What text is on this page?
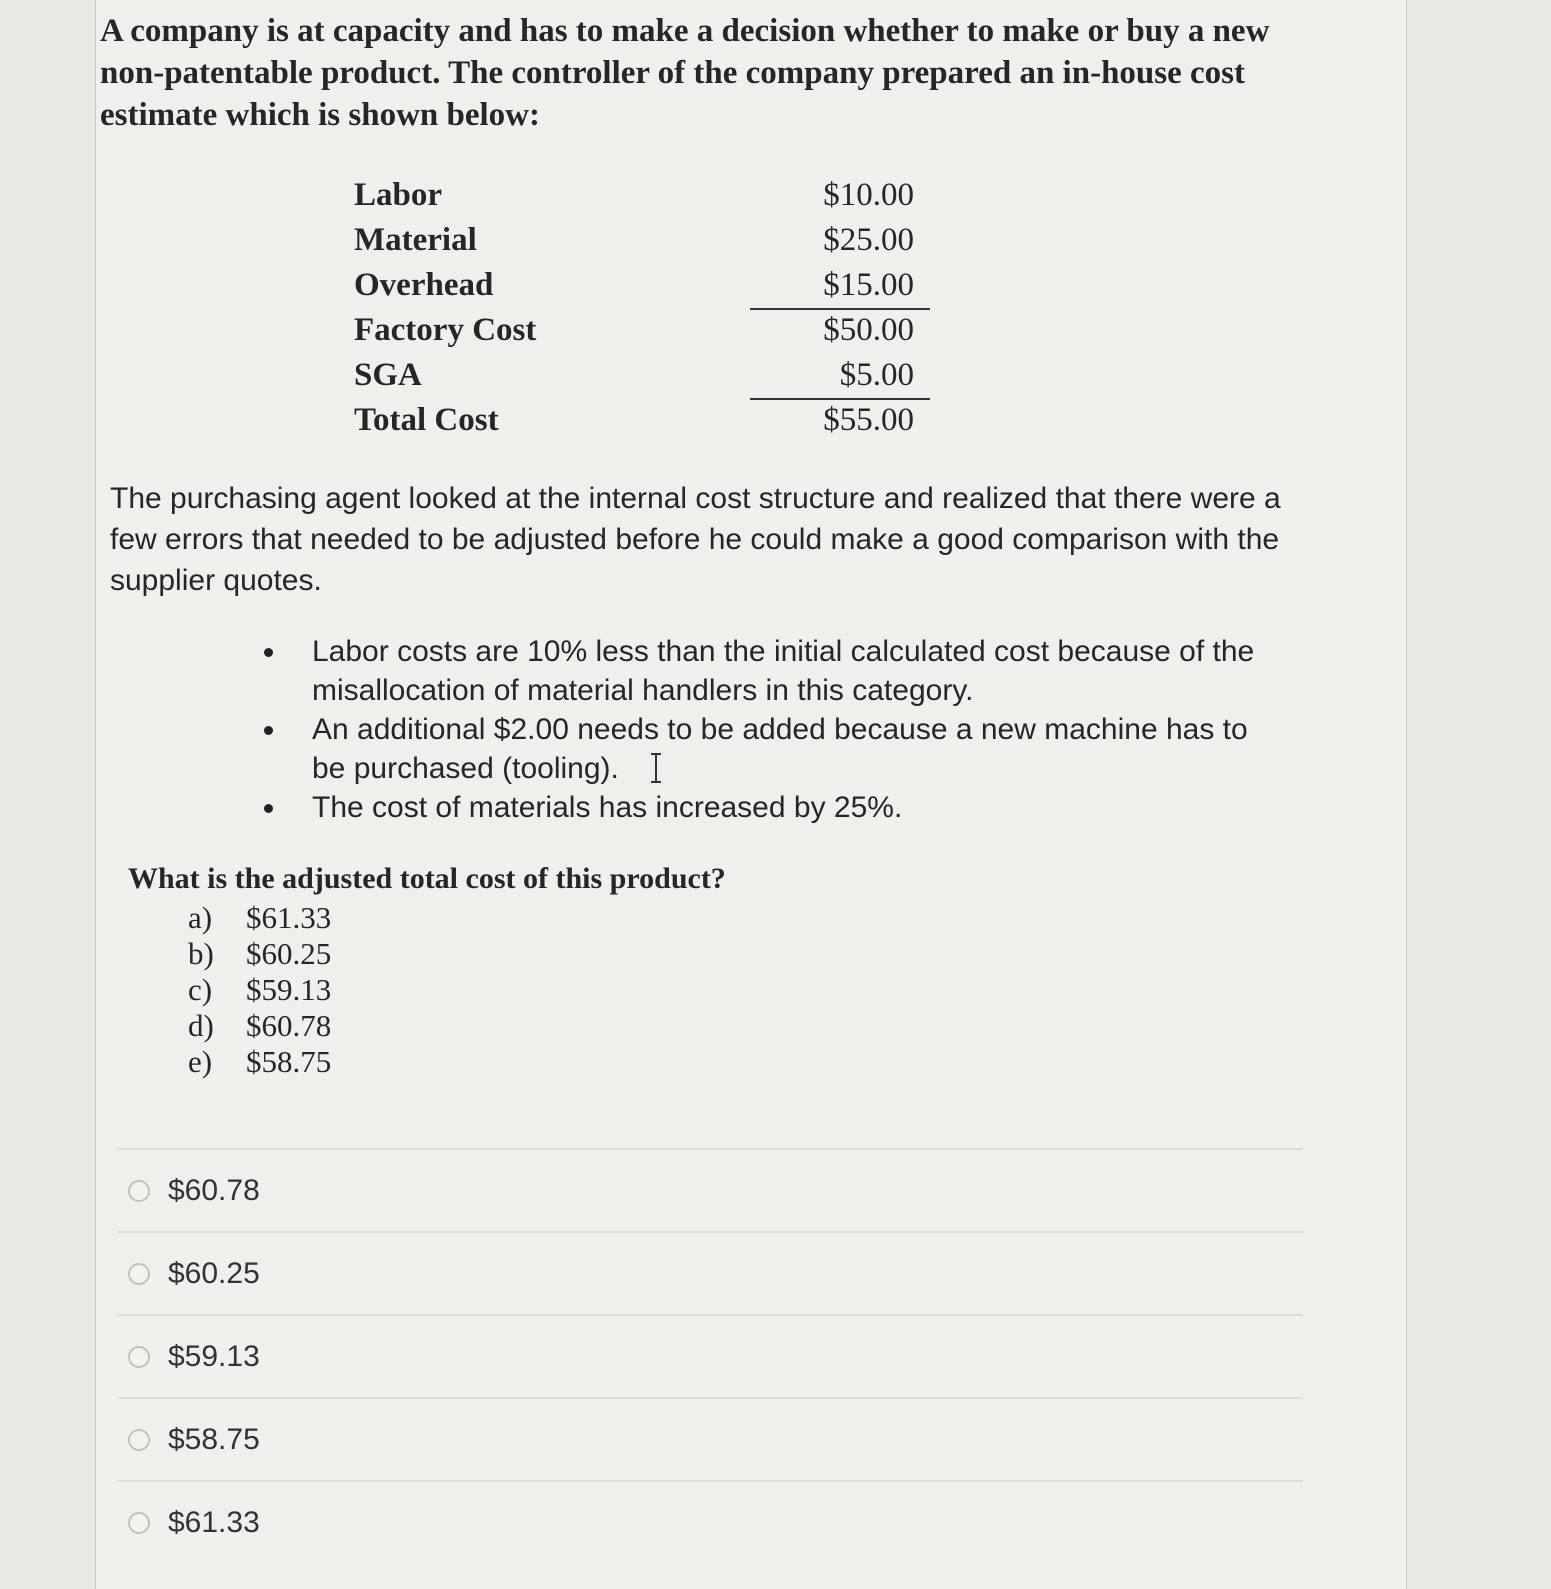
A company is at capacity and has to make a decision whether to make or buy a new non-patentable product. The controller of the company prepared an in-house cost estimate which is shown below:

Labor	$10.00
Material	$25.00
Overhead	$15.00
Factory Cost	$50.00
SGA	$5.00
Total Cost	$55.00

The purchasing agent looked at the internal cost structure and realized that there were a few errors that needed to be adjusted before he could make a good comparison with the supplier quotes.

Labor costs are 10% less than the initial calculated cost because of the misallocation of material handlers in this category.
An additional $2.00 needs to be added because a new machine has to be purchased (tooling).
The cost of materials has increased by 25%.

What is the adjusted total cost of this product?

a) $61.33
b) $60.25
c) $59.13
d) $60.78
e) $58.75
$60.78
$60.25
$59.13
$58.75
$61.33
